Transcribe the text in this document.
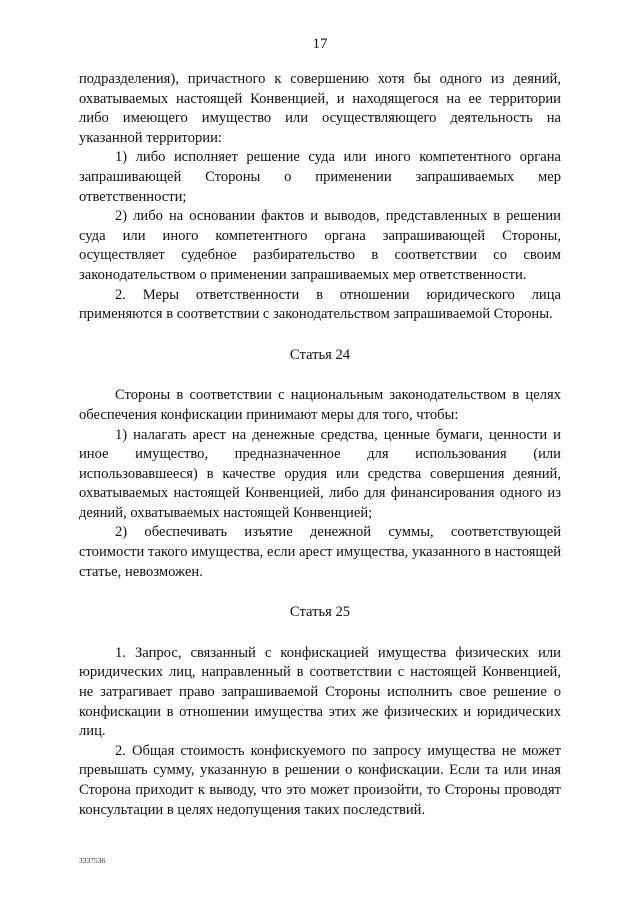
17

подразделения), причастного к совершению хотя бы одного из деяний, охватываемых настоящей Конвенцией, и находящегося на ее территории либо имеющего имущество или осуществляющего деятельность на указанной территории:

1) либо исполняет решение суда или иного компетентного органа запрашивающей Стороны о применении запрашиваемых мер ответственности;

2) либо на основании фактов и выводов, представленных в решении суда или иного компетентного органа запрашивающей Стороны, осуществляет судебное разбирательство в соответствии со своим законодательством о применении запрашиваемых мер ответственности.

2. Меры ответственности в отношении юридического лица применяются в соответствии с законодательством запрашиваемой Стороны.

Статья 24

Стороны в соответствии с национальным законодательством в целях обеспечения конфискации принимают меры для того, чтобы:

1) налагать арест на денежные средства, ценные бумаги, ценности и иное имущество, предназначенное для использования (или использовавшееся) в качестве орудия или средства совершения деяний, охватываемых настоящей Конвенцией, либо для финансирования одного из деяний, охватываемых настоящей Конвенцией;

2) обеспечивать изъятие денежной суммы, соответствующей стоимости такого имущества, если арест имущества, указанного в настоящей статье, невозможен.

Статья 25

1. Запрос, связанный с конфискацией имущества физических или юридических лиц, направленный в соответствии с настоящей Конвенцией, не затрагивает право запрашиваемой Стороны исполнить свое решение о конфискации в отношении имущества этих же физических и юридических лиц.

2. Общая стоимость конфискуемого по запросу имущества не может превышать сумму, указанную в решении о конфискации. Если та или иная Сторона приходит к выводу, что это может произойти, то Стороны проводят консультации в целях недопущения таких последствий.

3337536
